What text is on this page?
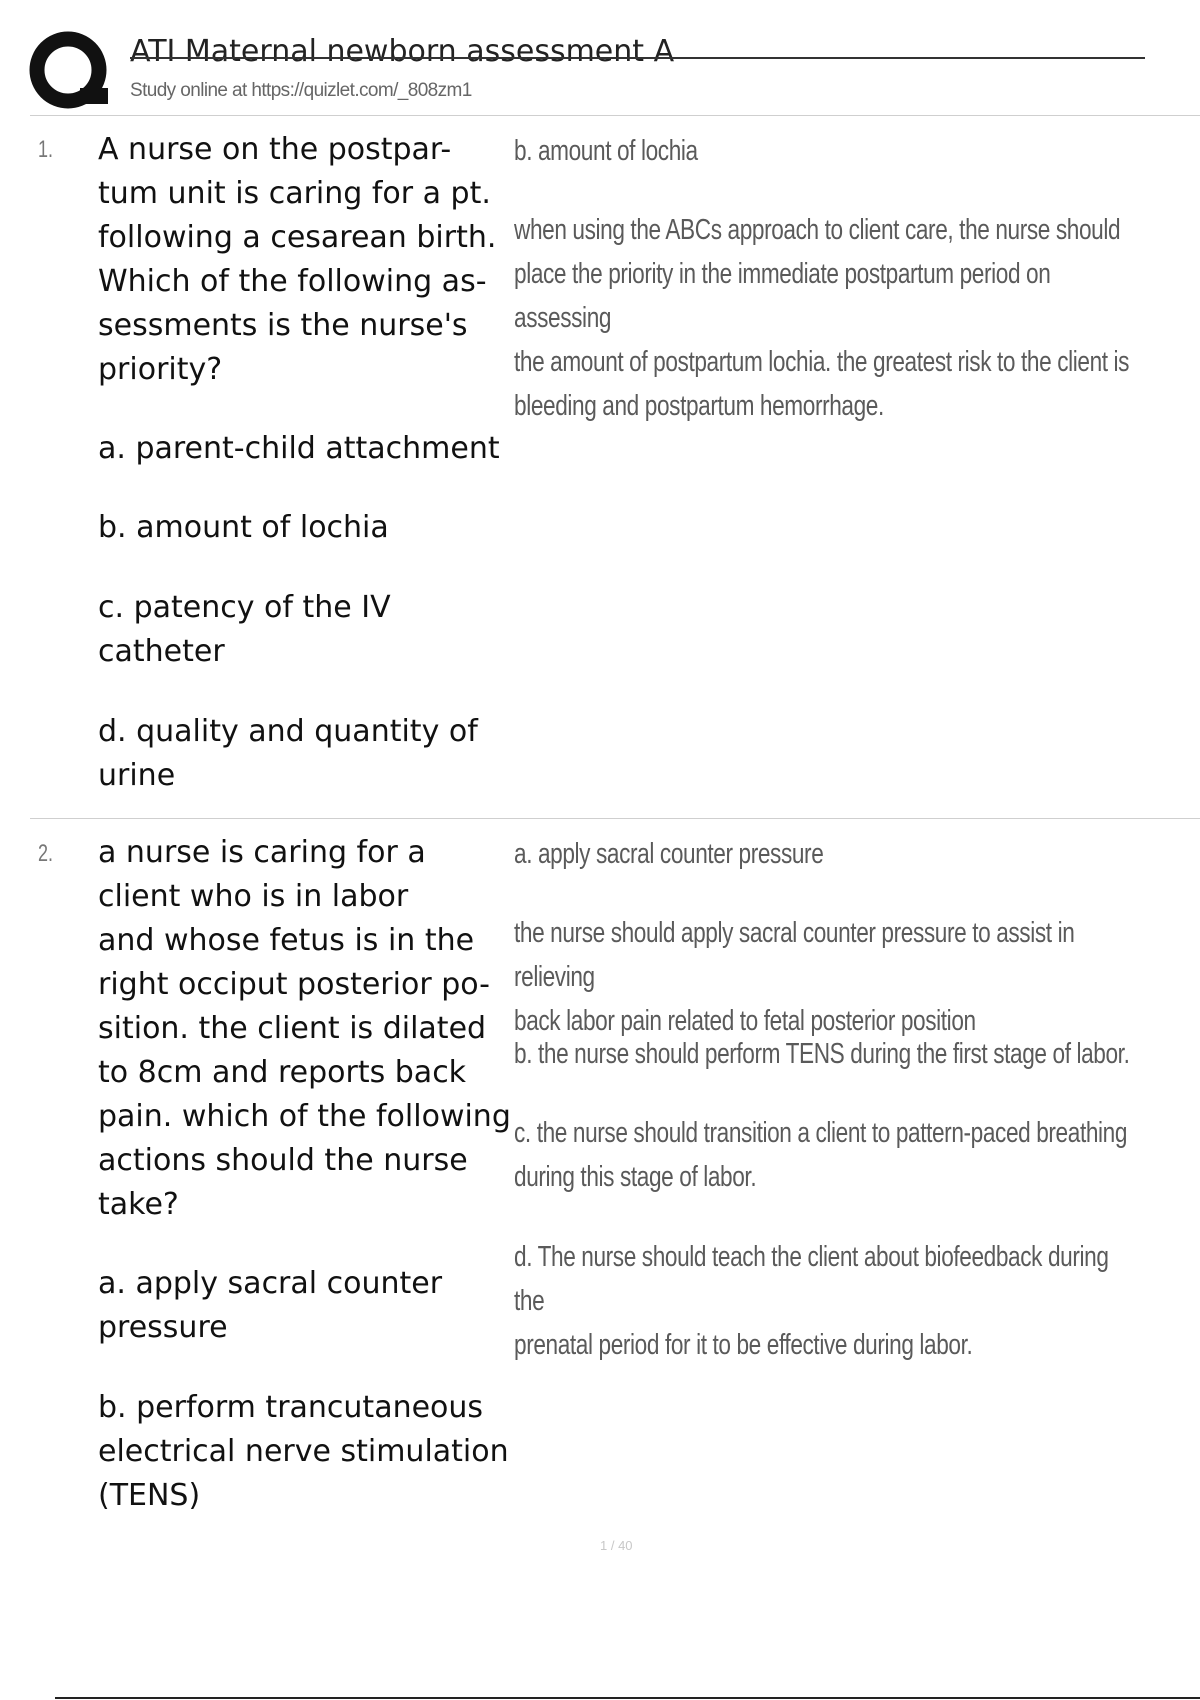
ATI Maternal newborn assessment A
Study online at https://quizlet.com/_808zm1
1. A nurse on the postpar-
tum unit is caring for a pt.
following a cesarean birth.
Which of the following as-
sessments is the nurse's
priority?
a. parent-child attachment
b. amount of lochia
c. patency of the IV catheter
d. quality and quantity of urine
b. amount of lochia
when using the ABCs approach to client care, the nurse should
place the priority in the immediate postpartum period on assessing
the amount of postpartum lochia. the greatest risk to the client is
bleeding and postpartum hemorrhage.
2. a nurse is caring for a
client who is in labor
and whose fetus is in the
right occiput posterior po-
sition. the client is dilated
to 8cm and reports back
pain. which of the following
actions should the nurse
take?
a. apply sacral counter pressure
b. perform trancutaneous electrical nerve stimulation (TENS)
a. apply sacral counter pressure
the nurse should apply sacral counter pressure to assist in relieving
back labor pain related to fetal posterior position
b. the nurse should perform TENS during the first stage of labor.
c. the nurse should transition a client to pattern-paced breathing
during this stage of labor.
d. The nurse should teach the client about biofeedback during the
prenatal period for it to be effective during labor.
1 / 40
